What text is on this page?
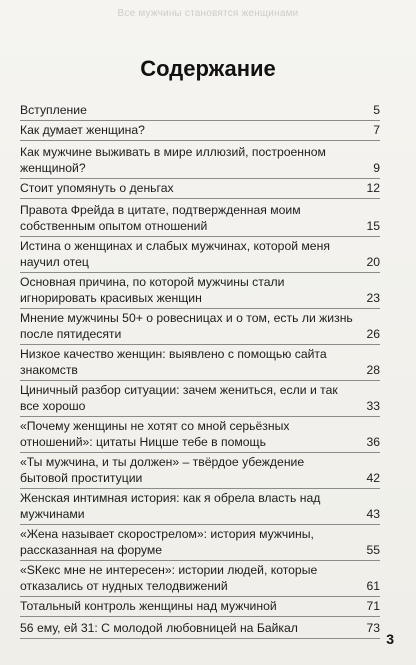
Все мужчины становятся женщинами
Содержание
Вступление	5
Как думает женщина?	7
Как мужчине выживать в мире иллюзий, построенном женщиной?	9
Стоит упомянуть о деньгах	12
Правота Фрейда в цитате, подтвержденная моим собственным опытом отношений	15
Истина о женщинах и слабых мужчинах, которой меня научил отец	20
Основная причина, по которой мужчины стали игнорировать красивых женщин	23
Мнение мужчины 50+ о ровесницах и о том, есть ли жизнь после пятидесяти	26
Низкое качество женщин: выявлено с помощью сайта знакомств	28
Циничный разбор ситуации: зачем жениться, если и так все хорошо	33
«Почему женщины не хотят со мной серьёзных отношений»: цитаты Ницше тебе в помощь	36
«Ты мужчина, и ты должен» – твёрдое убеждение бытовой проституции	42
Женская интимная история: как я обрела власть над мужчинами	43
«Жена называет скорострелом»: история мужчины, рассказанная на форуме	55
«SКекс мне не интересен»: истории людей, которые отказались от нудных телодвижений	61
Тотальный контроль женщины над мужчиной	71
56 ему, ей 31: С молодой любовницей на Байкал	73
3
